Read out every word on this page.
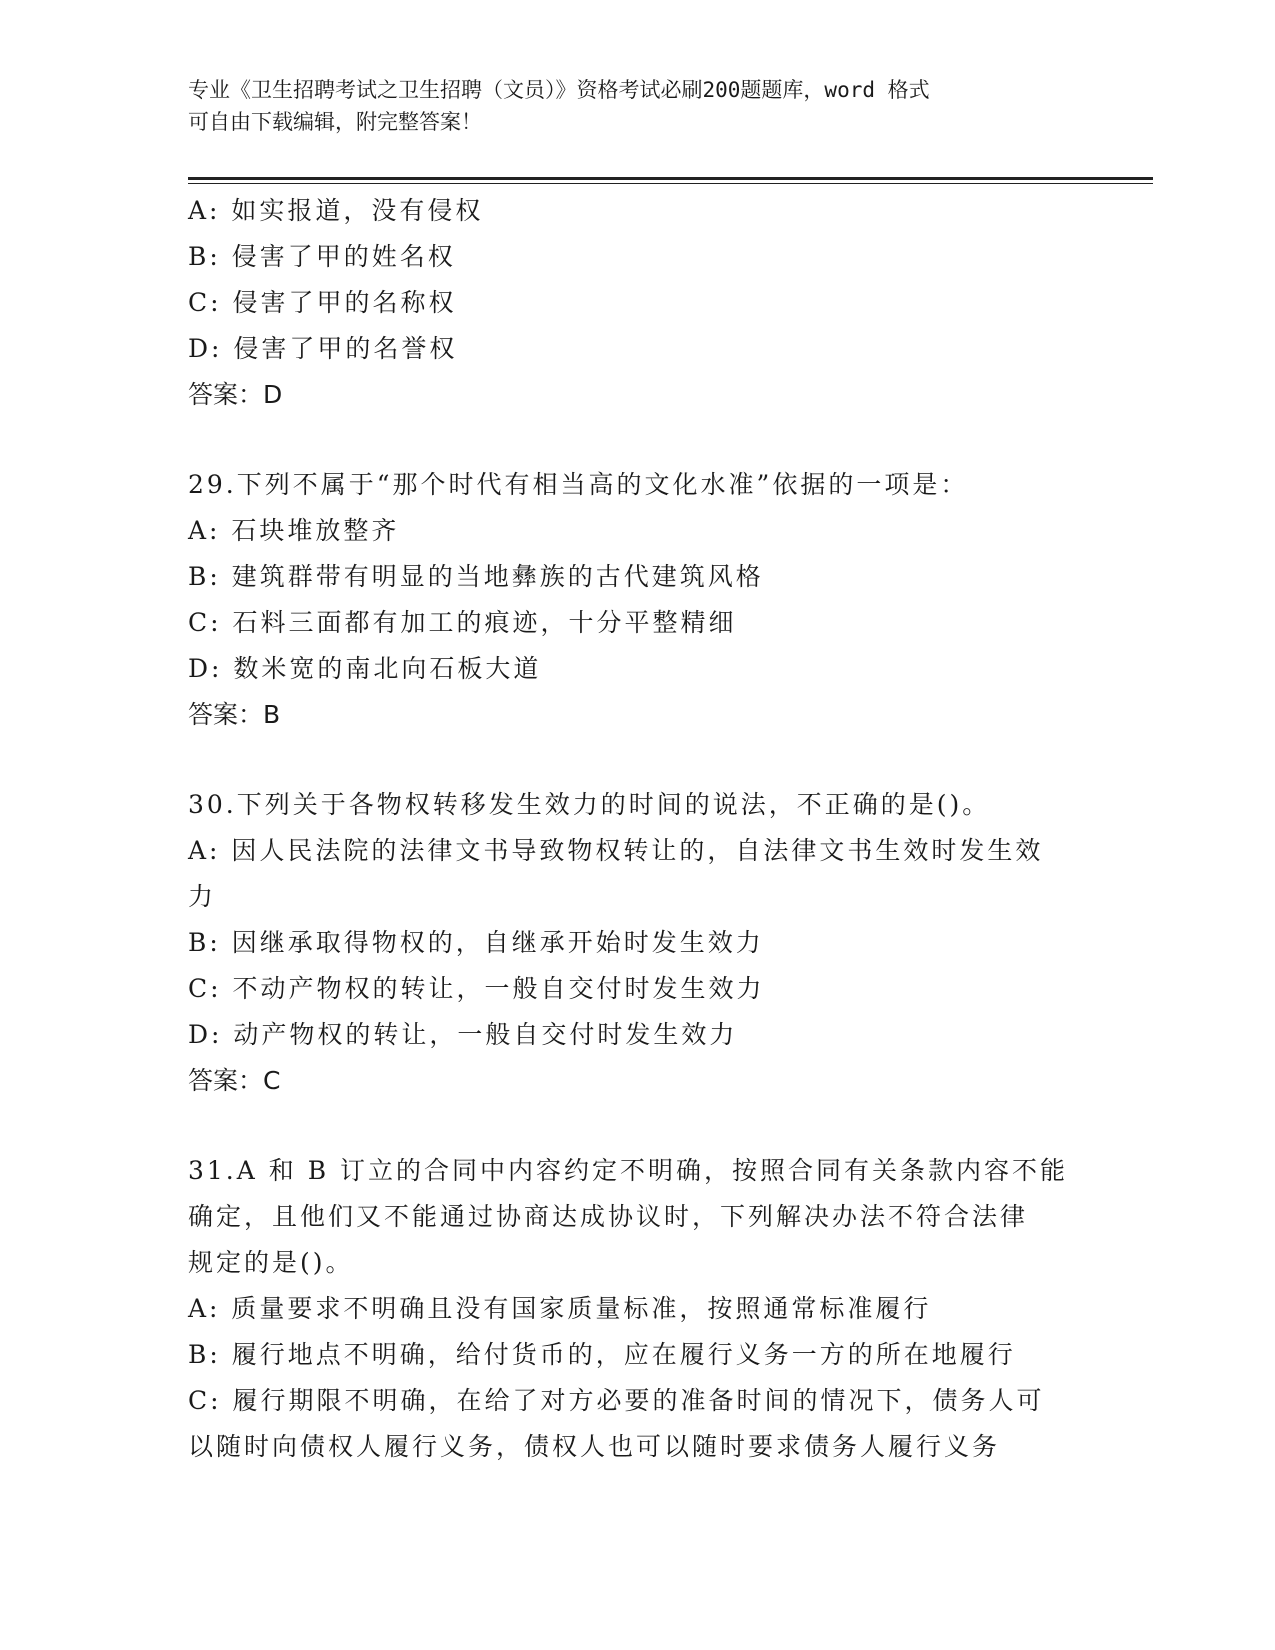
专业《卫生招聘考试之卫生招聘（文员）》资格考试必刷200题题库，word 格式
可自由下载编辑，附完整答案！
A: 如实报道，没有侵权
B: 侵害了甲的姓名权
C: 侵害了甲的名称权
D: 侵害了甲的名誉权
答案：D
29.下列不属于“那个时代有相当高的文化水准”依据的一项是：
A: 石块堆放整齐
B: 建筑群带有明显的当地彝族的古代建筑风格
C: 石料三面都有加工的痕迹，十分平整精细
D: 数米宽的南北向石板大道
答案：B
30.下列关于各物权转移发生效力的时间的说法，不正确的是()。
A: 因人民法院的法律文书导致物权转让的，自法律文书生效时发生效
力
B: 因继承取得物权的，自继承开始时发生效力
C: 不动产物权的转让，一般自交付时发生效力
D: 动产物权的转让，一般自交付时发生效力
答案：C
31.A 和 B 订立的合同中内容约定不明确，按照合同有关条款内容不能
确定，且他们又不能通过协商达成协议时，下列解决办法不符合法律
规定的是()。
A: 质量要求不明确且没有国家质量标准，按照通常标准履行
B: 履行地点不明确，给付货币的，应在履行义务一方的所在地履行
C: 履行期限不明确，在给了对方必要的准备时间的情况下，债务人可
以随时向债权人履行义务，债权人也可以随时要求债务人履行义务
